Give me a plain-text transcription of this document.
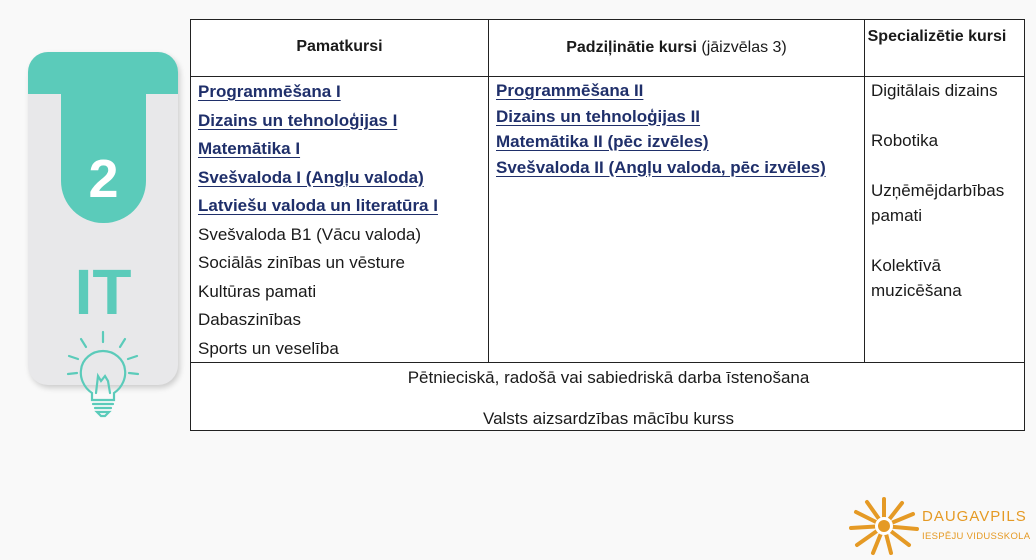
2
IT
Pamatkursi	Padziļinātie kursi (jāizvēlas 3)
Specializētie kursi
Programmēšana I
Dizains un tehnoloģijas I
Matemātika I
Svešvaloda I (Angļu valoda)
Latviešu valoda un literatūra I
Svešvaloda B1 (Vācu valoda)
Sociālās zinības un vēsture
Kultūras pamati
Dabaszinības
Sports un veselība
Programmēšana II
Dizains un tehnoloģijas II
Matemātika II (pēc izvēles)
Svešvaloda II (Angļu valoda, pēc izvēles)
Digitālais dizains
Robotika
Uzņēmējdarbības pamati
Kolektīvā muzicēšana
Pētnieciskā, radošā vai sabiedriskā darba īstenošana
Valsts aizsardzības mācību kurss
DAUGAVPILS
IESPĒJU VIDUSSKOLA
